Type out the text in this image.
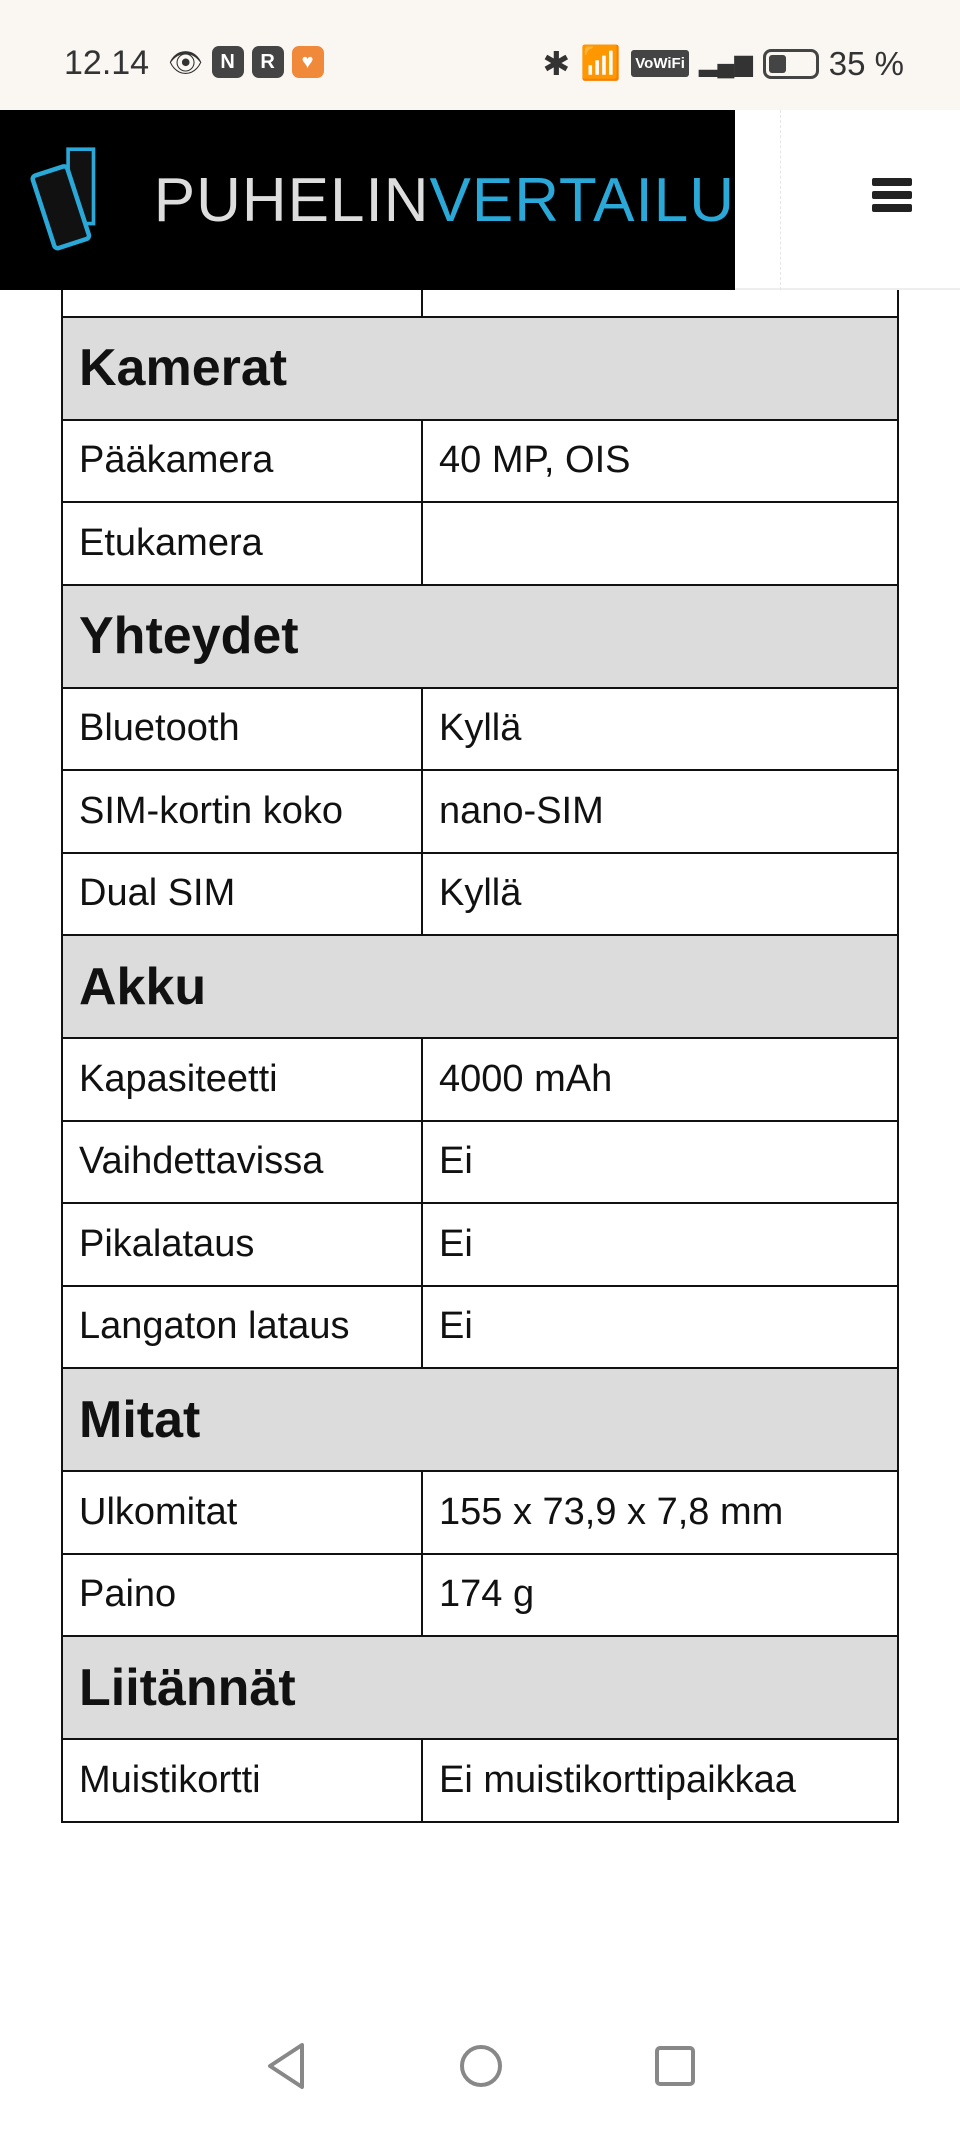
12.14 👁 N	R	♥	✱ 📶 VoWiFi ▂▄▆ 35 %
PUHELINVERTAILU

Kamerat	
Pääkamera	40 MP, OIS
Etukamera	
Yhteydet	
Bluetooth	Kyllä
SIM-kortin koko	nano-SIM
Dual SIM	Kyllä
Akku	
Kapasiteetti	4000 mAh
Vaihdettavissa	Ei
Pikalataus	Ei
Langaton lataus	Ei
Mitat	
Ulkomitat	155 x 73,9 x 7,8 mm
Paino	174 g
Liitännät	
Muistikortti	Ei muistikorttipaikkaa
